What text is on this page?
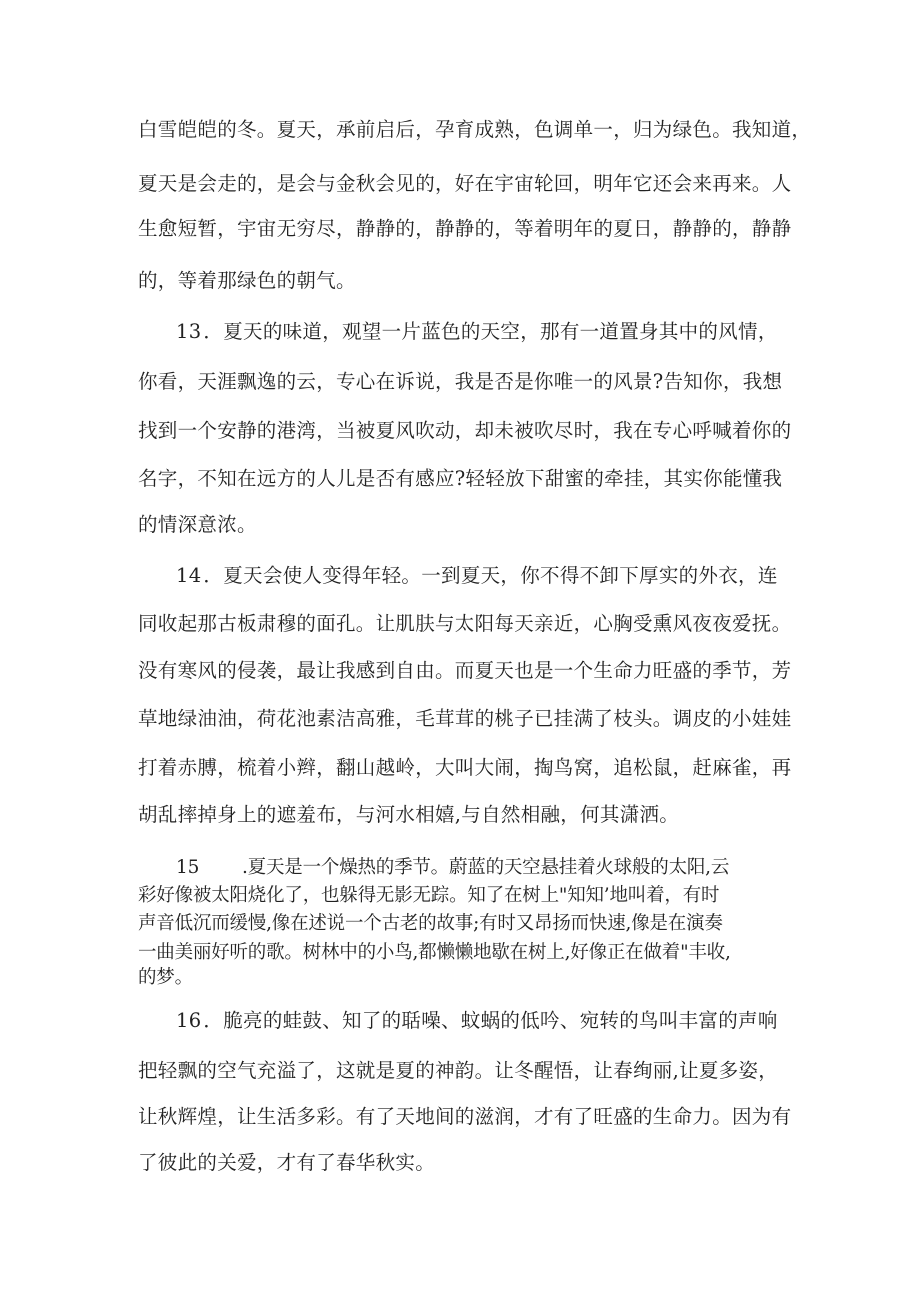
白雪皑皑的冬。夏天，承前启后，孕育成熟，色调单一，归为绿色。我知道，
夏天是会走的，是会与金秋会见的，好在宇宙轮回，明年它还会来再来。人
生愈短暂，宇宙无穷尽，静静的，静静的，等着明年的夏日，静静的，静静
的，等着那绿色的朝气。
13 ．夏天的味道，观望一片蓝色的天空，那有一道置身其中的风情，
你看，天涯飘逸的云，专心在诉说，我是否是你唯一的风景?告知你，我想
找到一个安静的港湾，当被夏风吹动，却未被吹尽时，我在专心呼喊着你的
名字，不知在远方的人儿是否有感应?轻轻放下甜蜜的牵挂，其实你能懂我
的情深意浓。
14 ．夏天会使人变得年轻。一到夏天，你不得不卸下厚实的外衣，连
同收起那古板肃穆的面孔。让肌肤与太阳每天亲近，心胸受熏风夜夜爱抚。
没有寒风的侵袭，最让我感到自由。而夏天也是一个生命力旺盛的季节，芳
草地绿油油，荷花池素洁高雅，毛茸茸的桃子已挂满了枝头。调皮的小娃娃
打着赤膊，梳着小辫，翻山越岭，大叫大闹，掏鸟窝，追松鼠，赶麻雀，再
胡乱摔掉身上的遮羞布，与河水相嬉,与自然相融，何其潇洒。
15 .夏天是一个燥热的季节。蔚蓝的天空悬挂着火球般的太阳,云
彩好像被太阳烧化了，也躲得无影无踪。知了在树上"知知’地叫着，有时
声音低沉而缓慢,像在述说一个古老的故事;有时又昂扬而快速,像是在演奏
一曲美丽好听的歌。树林中的小鸟,都懒懒地歇在树上,好像正在做着"丰收,
的梦。
16 ．脆亮的蛙鼓、知了的聒噪、蚊蜗的低吟、宛转的鸟叫丰富的声响
把轻飘的空气充溢了，这就是夏的神韵。让冬醒悟，让春绚丽,让夏多姿，
让秋辉煌，让生活多彩。有了天地间的滋润，才有了旺盛的生命力。因为有
了彼此的关爱，才有了春华秋实。
